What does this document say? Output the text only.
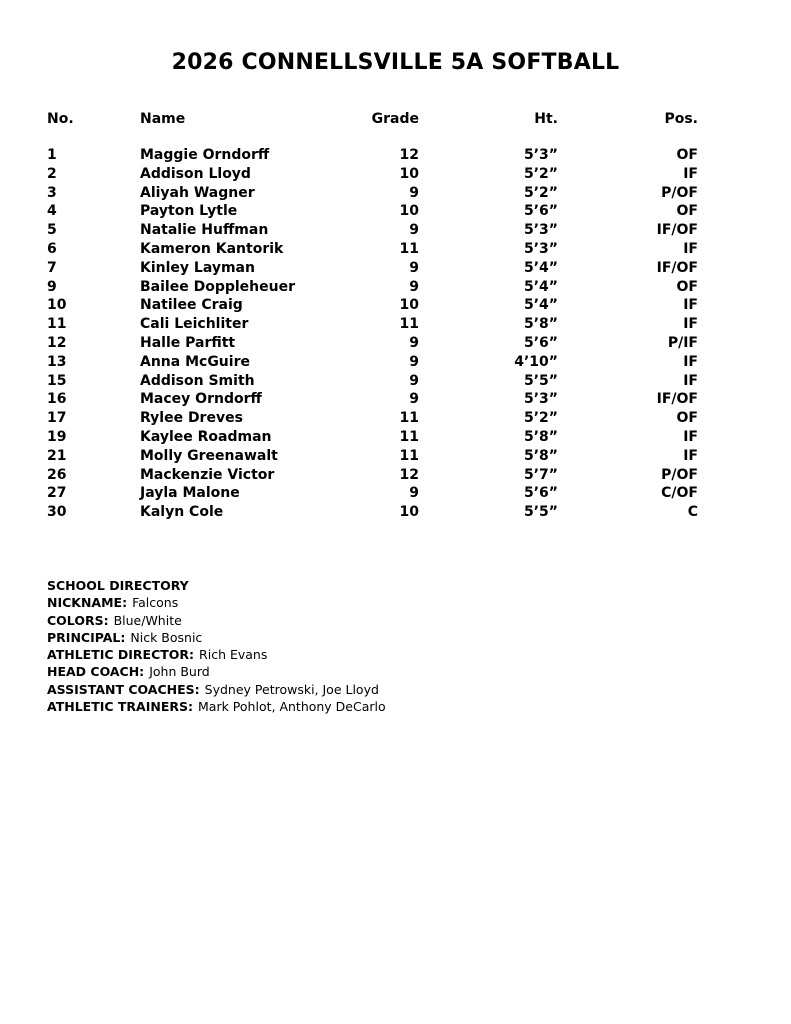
2026 CONNELLSVILLE 5A SOFTBALL
No.	Name	Grade	Ht.	Pos.
1	Maggie Orndorff	12	5’3”	OF
2	Addison Lloyd	10	5’2”	IF
3	Aliyah Wagner	9	5’2”	P/OF
4	Payton Lytle	10	5’6”	OF
5	Natalie Huffman	9	5’3”	IF/OF
6	Kameron Kantorik	11	5’3”	IF
7	Kinley Layman	9	5’4”	IF/OF
9	Bailee Doppleheuer	9	5’4”	OF
10	Natilee Craig	10	5’4”	IF
11	Cali Leichliter	11	5’8”	IF
12	Halle Parfitt	9	5’6”	P/IF
13	Anna McGuire	9	4’10”	IF
15	Addison Smith	9	5’5”	IF
16	Macey Orndorff	9	5’3”	IF/OF
17	Rylee Dreves	11	5’2”	OF
19	Kaylee Roadman	11	5’8”	IF
21	Molly Greenawalt	11	5’8”	IF
26	Mackenzie Victor	12	5’7”	P/OF
27	Jayla Malone	9	5’6”	C/OF
30	Kalyn Cole	10	5’5”	C
SCHOOL DIRECTORY
NICKNAME: Falcons
COLORS: Blue/White
PRINCIPAL: Nick Bosnic
ATHLETIC DIRECTOR: Rich Evans
HEAD COACH: John Burd
ASSISTANT COACHES: Sydney Petrowski, Joe Lloyd
ATHLETIC TRAINERS: Mark Pohlot, Anthony DeCarlo
